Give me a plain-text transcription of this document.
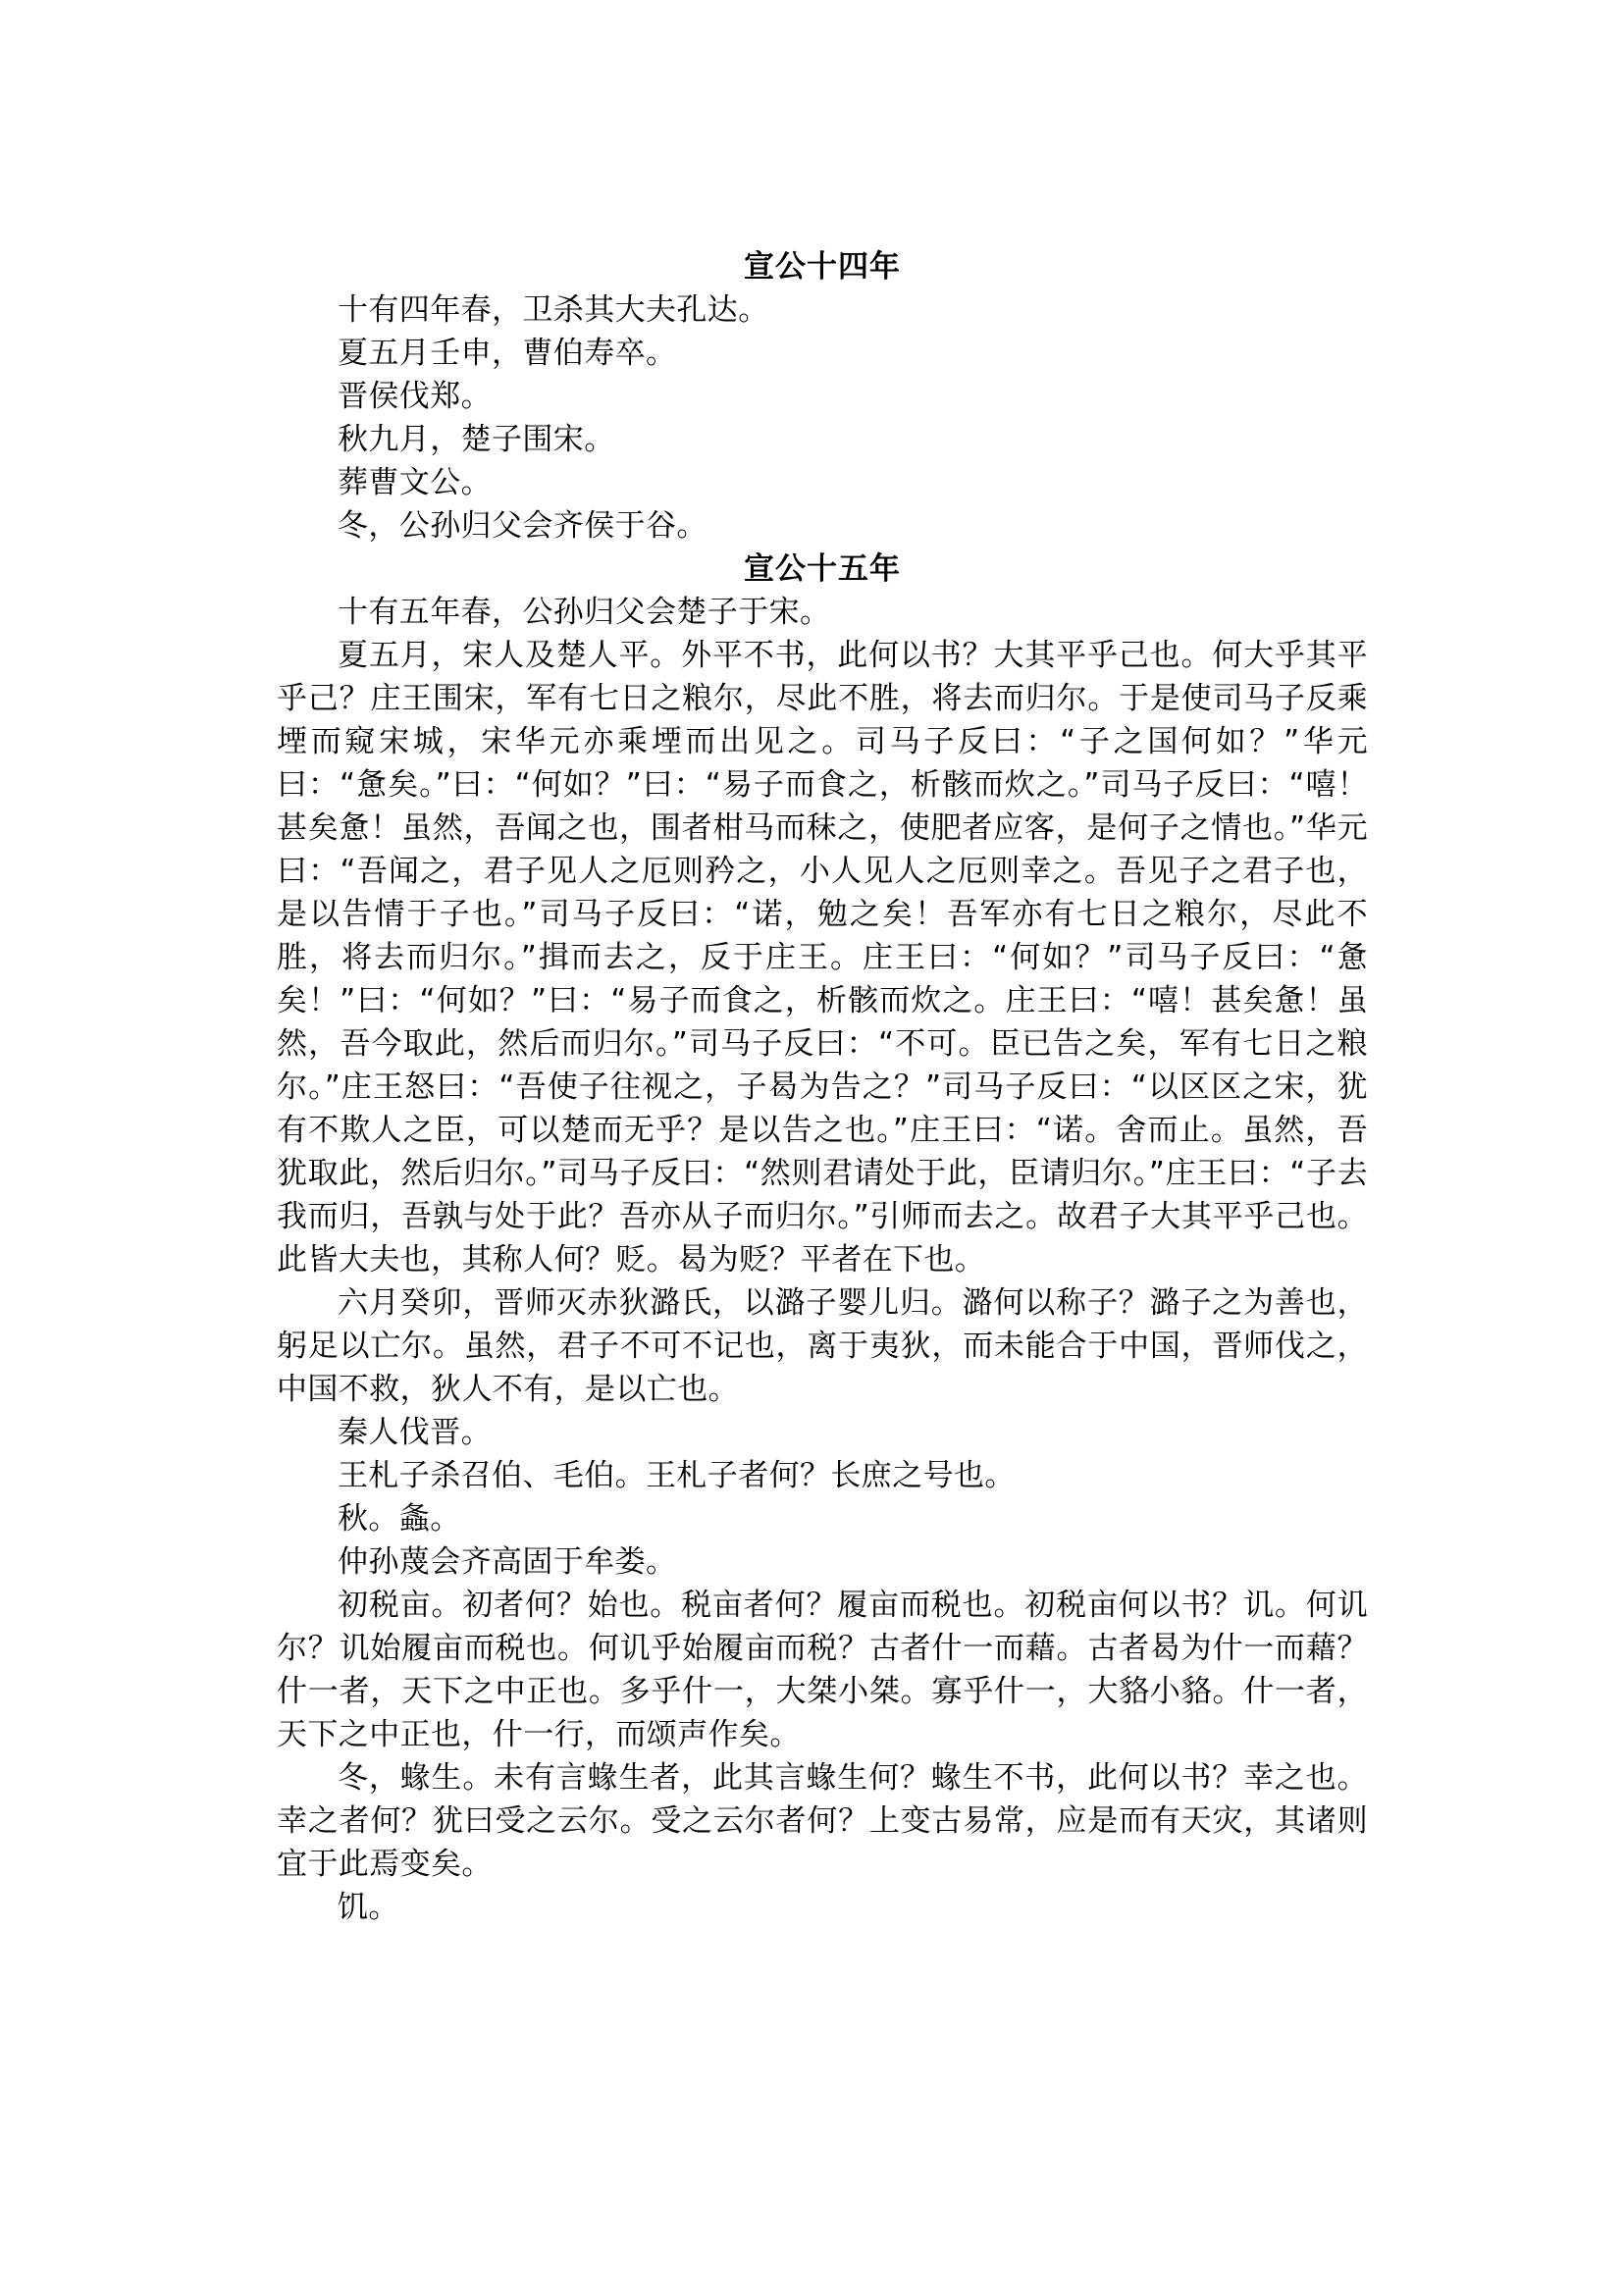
宣公十四年

十有四年春，卫杀其大夫孔达。

夏五月壬申，曹伯寿卒。

晋侯伐郑。

秋九月，楚子围宋。

葬曹文公。

冬，公孙归父会齐侯于谷。

宣公十五年

十有五年春，公孙归父会楚子于宋。

夏五月，宋人及楚人平。外平不书，此何以书？大其平乎己也。何大乎其平乎己？庄王围宋，军有七日之粮尔，尽此不胜，将去而归尔。于是使司马子反乘堙而窥宋城，宋华元亦乘堙而出见之。司马子反曰：“子之国何如？”华元曰：“惫矣。”曰：“何如？”曰：“易子而食之，析骸而炊之。”司马子反曰：“嘻！甚矣惫！虽然，吾闻之也，围者柑马而秣之，使肥者应客，是何子之情也。”华元曰：“吾闻之，君子见人之厄则矜之，小人见人之厄则幸之。吾见子之君子也，是以告情于子也。”司马子反曰：“诺，勉之矣！吾军亦有七日之粮尔，尽此不胜，将去而归尔。”揖而去之，反于庄王。庄王曰：“何如？”司马子反曰：“惫矣！”曰：“何如？”曰：“易子而食之，析骸而炊之。庄王曰：“嘻！甚矣惫！虽然，吾今取此，然后而归尔。”司马子反曰：“不可。臣已告之矣，军有七日之粮尔。”庄王怒曰：“吾使子往视之，子曷为告之？”司马子反曰：“以区区之宋，犹有不欺人之臣，可以楚而无乎？是以告之也。”庄王曰：“诺。舍而止。虽然，吾犹取此，然后归尔。”司马子反曰：“然则君请处于此，臣请归尔。”庄王曰：“子去我而归，吾孰与处于此？吾亦从子而归尔。”引师而去之。故君子大其平乎己也。此皆大夫也，其称人何？贬。曷为贬？平者在下也。

六月癸卯，晋师灭赤狄潞氏，以潞子婴儿归。潞何以称子？潞子之为善也，躬足以亡尔。虽然，君子不可不记也，离于夷狄，而未能合于中国，晋师伐之，中国不救，狄人不有，是以亡也。

秦人伐晋。

王札子杀召伯、毛伯。王札子者何？长庶之号也。

秋。螽。

仲孙蔑会齐高固于牟娄。

初税亩。初者何？始也。税亩者何？履亩而税也。初税亩何以书？讥。何讥尔？讥始履亩而税也。何讥乎始履亩而税？古者什一而藉。古者曷为什一而藉？什一者，天下之中正也。多乎什一，大桀小桀。寡乎什一，大貉小貉。什一者，天下之中正也，什一行，而颂声作矣。

冬，蝝生。未有言蝝生者，此其言蝝生何？蝝生不书，此何以书？幸之也。幸之者何？犹曰受之云尔。受之云尔者何？上变古易常，应是而有天灾，其诸则宜于此焉变矣。

饥。
